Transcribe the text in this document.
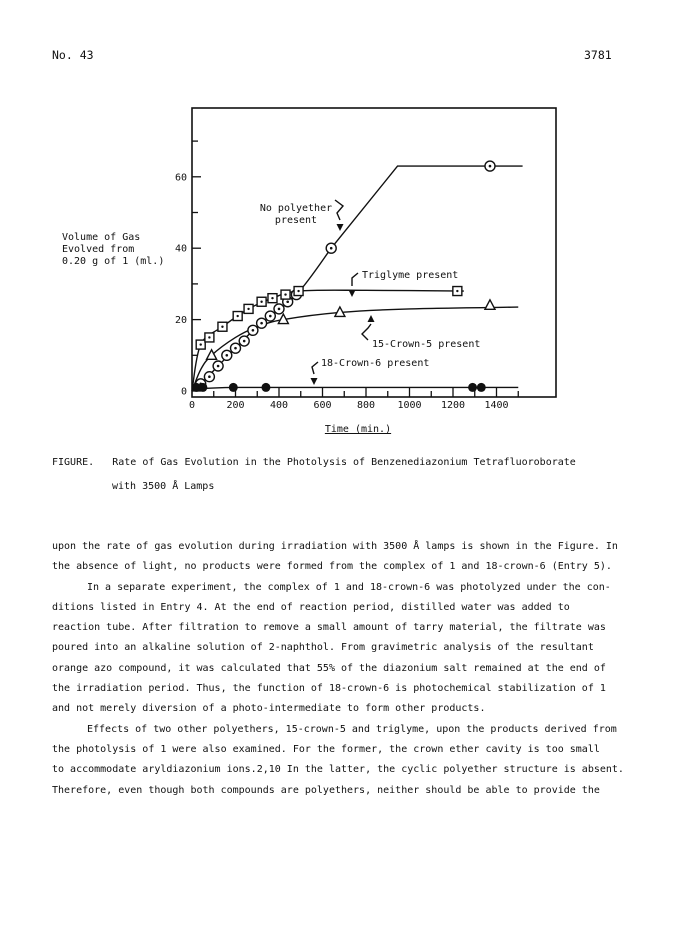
No. 43	3781
0
20
40
60
0	200	400	600	800 1000 1200 1400
Time (min.)
Volume of Gas
Evolved from
0.20 g of 1 (ml.)
No polyether
present
Triglyme present
15-Crown-5 present
18-Crown-6 present
FIGURE. Rate of Gas Evolution in the Photolysis of Benzenediazonium Tetrafluoroborate
with 3500 Å Lamps
upon the rate of gas evolution during irradiation with 3500 Å lamps is shown in the Figure. In
the absence of light, no products were formed from the complex of 1 and 18-crown-6 (Entry 5).
In a separate experiment, the complex of 1 and 18-crown-6 was photolyzed under the con-
ditions listed in Entry 4. At the end of reaction period, distilled water was added to
reaction tube. After filtration to remove a small amount of tarry material, the filtrate was
poured into an alkaline solution of 2-naphthol. From gravimetric analysis of the resultant
orange azo compound, it was calculated that 55% of the diazonium salt remained at the end of
the irradiation period. Thus, the function of 18-crown-6 is photochemical stabilization of 1
and not merely diversion of a photo-intermediate to form other products.
Effects of two other polyethers, 15-crown-5 and triglyme, upon the products derived from
the photolysis of 1 were also examined. For the former, the crown ether cavity is too small
to accommodate aryldiazonium ions.2,10 In the latter, the cyclic polyether structure is absent.
Therefore, even though both compounds are polyethers, neither should be able to provide the
